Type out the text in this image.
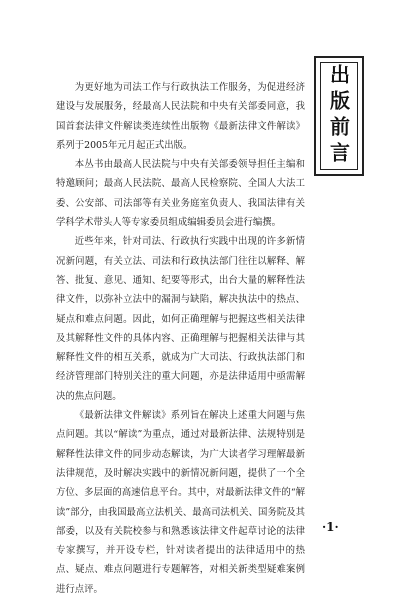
出版前言

为更好地为司法工作与行政执法工作服务，为促进经济建设与发展服务，经最高人民法院和中央有关部委同意，我国首套法律文件解读类连续性出版物《最新法律文件解读》系列于2005年元月起正式出版。

本丛书由最高人民法院与中央有关部委领导担任主编和特邀顾问；最高人民法院、最高人民检察院、全国人大法工委、公安部、司法部等有关业务庭室负责人、我国法律有关学科学术带头人等专家委员组成编辑委员会进行编撰。

近些年来，针对司法、行政执行实践中出现的许多新情况新问题，有关立法、司法和行政执法部门往往以解释、解答、批复、意见、通知、纪要等形式，出台大量的解释性法律文件，以弥补立法中的漏洞与缺陷，解决执法中的热点、疑点和难点问题。因此，如何正确理解与把握这些相关法律及其解释性文件的具体内容、正确理解与把握相关法律与其解释性文件的相互关系，就成为广大司法、行政执法部门和经济管理部门特别关注的重大问题，亦是法律适用中亟需解决的焦点问题。

《最新法律文件解读》系列旨在解决上述重大问题与焦点问题。其以“解读”为重点，通过对最新法律、法规特别是解释性法律文件的同步动态解读，为广大读者学习理解最新法律规范，及时解决实践中的新情况新问题，提供了一个全方位、多层面的高速信息平台。其中，对最新法律文件的“解读”部分，由我国最高立法机关、最高司法机关、国务院及其部委，以及有关院校参与和熟悉该法律文件起草讨论的法律专家撰写，并开设专栏，针对读者提出的法律适用中的热点、疑点、难点问题进行专题解答，对相关新类型疑难案例进行点评。

·1·
